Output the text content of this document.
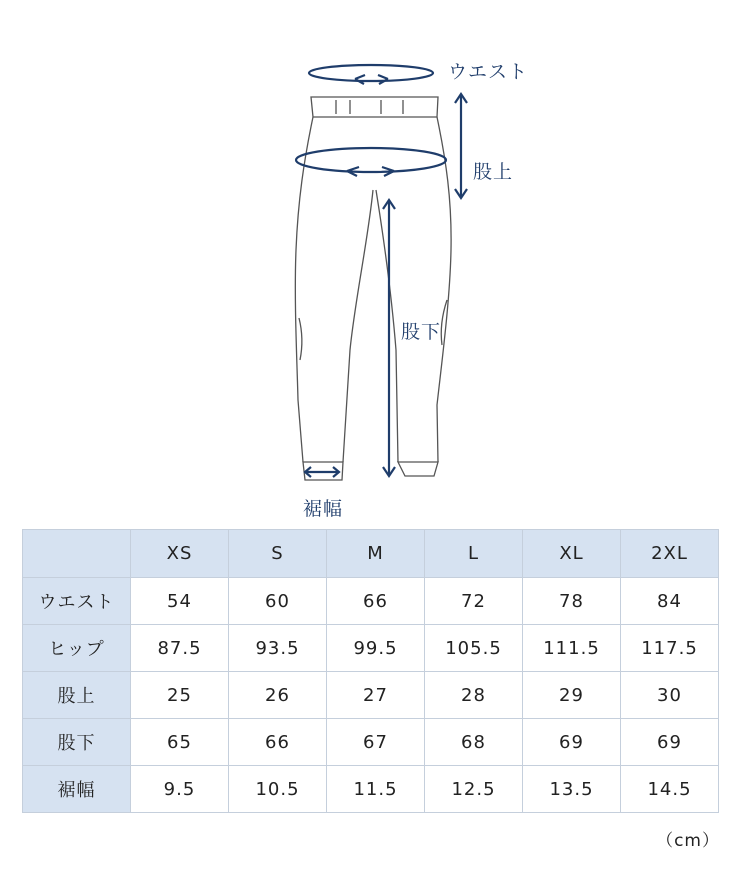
ウエスト
股上
股下
裾幅
	XS	S	M	L	XL	2XL
ウエスト	54	60	66	72	78	84
ヒップ	87.5	93.5	99.5	105.5	111.5	117.5
股上	25	26	27	28	29	30
股下	65	66	67	68	69	69
裾幅	9.5	10.5	11.5	12.5	13.5	14.5
（cm）
